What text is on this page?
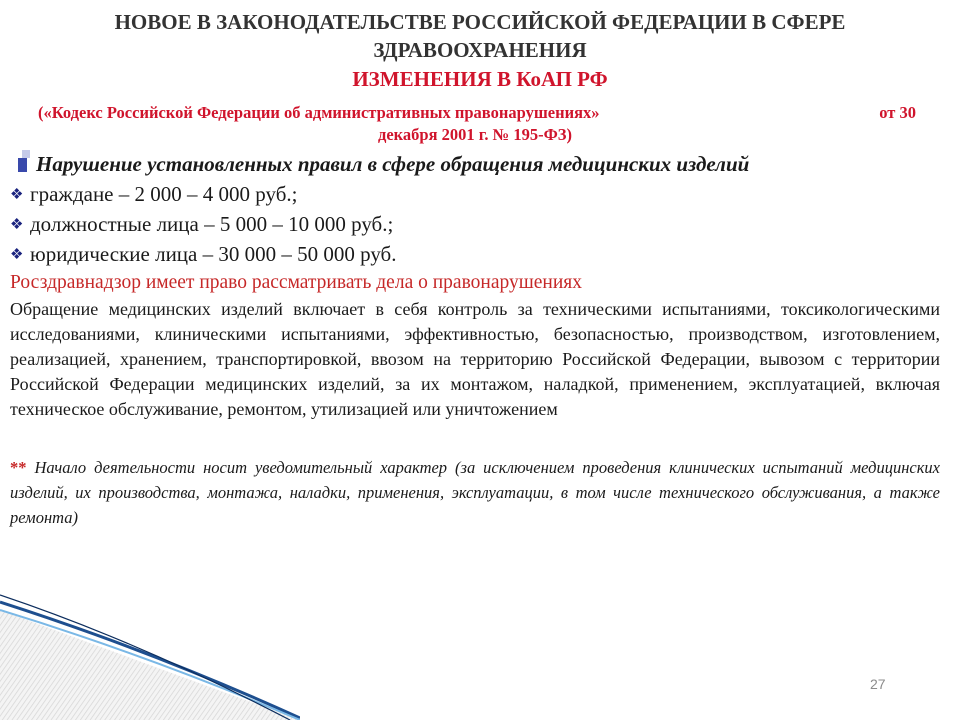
НОВОЕ В ЗАКОНОДАТЕЛЬСТВЕ РОССИЙСКОЙ ФЕДЕРАЦИИ В СФЕРЕ
ЗДРАВООХРАНЕНИЯ
ИЗМЕНЕНИЯ В КоАП РФ
(«Кодекс Российской Федерации об административных правонарушениях»	от 30
декабря 2001 г. № 195-ФЗ)
Нарушение установленных правил в сфере обращения медицинских изделий
❖ граждане – 2 000 – 4 000 руб.;
❖ должностные лица – 5 000 – 10 000 руб.;
❖ юридические лица – 30 000 – 50 000 руб.
Росздравнадзор имеет право рассматривать дела о правонарушениях
Обращение медицинских изделий включает в себя контроль за техническими испытаниями, токсикологическими исследованиями, клиническими испытаниями, эффективностью, безопасностью, производством, изготовлением, реализацией, хранением, транспортировкой, ввозом на территорию Российской Федерации, вывозом с территории Российской Федерации медицинских изделий, за их монтажом, наладкой, применением, эксплуатацией, включая техническое обслуживание, ремонтом, утилизацией или уничтожением
** Начало деятельности носит уведомительный характер (за исключением проведения клинических испытаний медицинских изделий, их производства, монтажа, наладки, применения, эксплуатации, в том числе технического обслуживания, а также ремонта)
27
